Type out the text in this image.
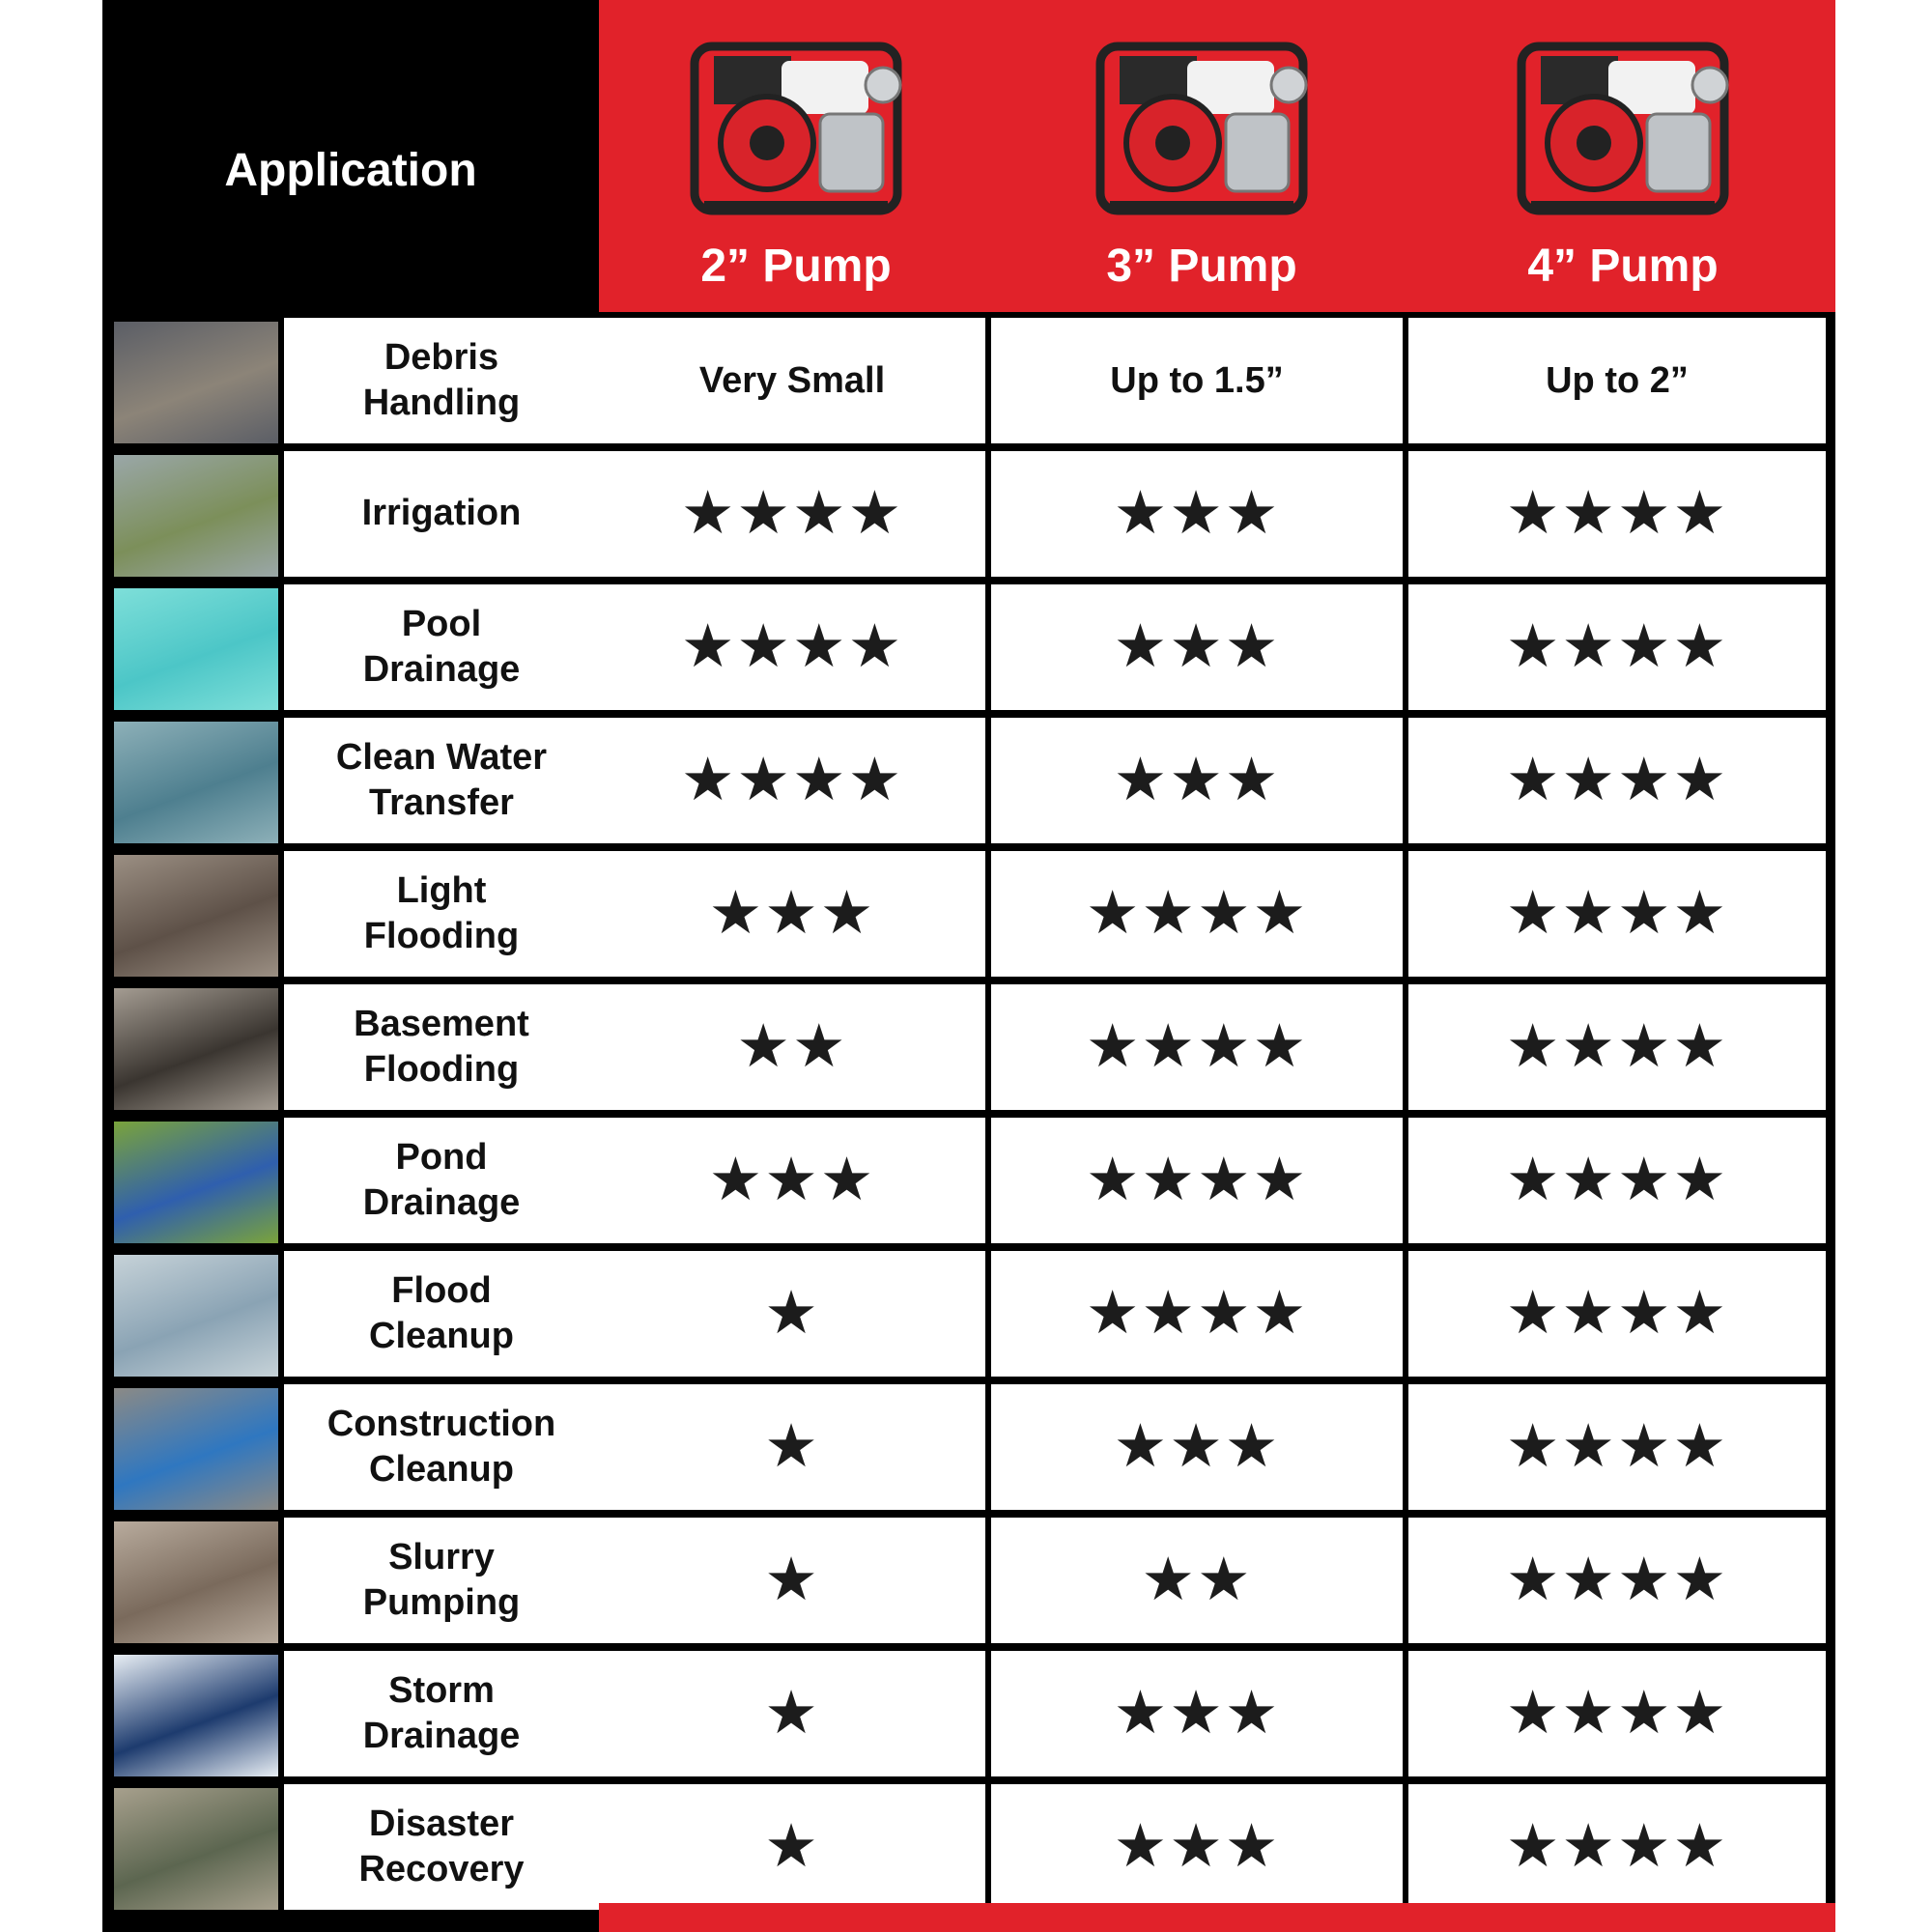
Application
2” Pump	3” Pump	4” Pump
Debris
Handling
Very Small	Up to 1.5”	Up to 2”
Irrigation	★★★★	★★★	★★★★
Pool
Drainage	★★★★	★★★	★★★★
Clean Water
Transfer	★★★★	★★★	★★★★
Light
Flooding	★★★	★★★★	★★★★
Basement
Flooding	★★	★★★★	★★★★
Pond
Drainage	★★★	★★★★	★★★★
Flood
Cleanup	★	★★★★	★★★★
Construction
Cleanup	★	★★★	★★★★
Slurry
Pumping	★	★★	★★★★
Storm
Drainage	★	★★★	★★★★
Disaster
Recovery	★	★★★	★★★★
